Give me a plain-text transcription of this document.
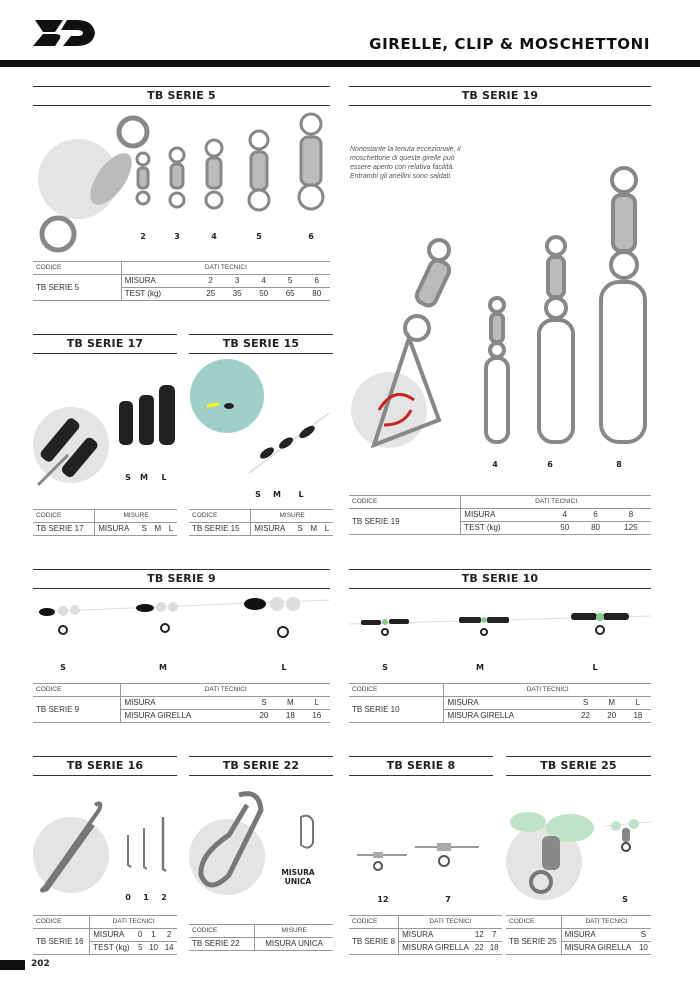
GIRELLE, CLIP & MOSCHETTONI
TB SERIE 5
2	3	4	5	6
CODICE	DATI TECNICI					
TB SERIE 5	MISURA	2	3	4	5	6
	TEST (kg)	25	35	50	65	80
TB SERIE 19
Nonostante la tenuta eccezionale, il moschettone di queste girelle può essere aperto con relativa facilità. Entrambi gli anellini sono saldati.
4	6	8
CODICE	DATI TECNICI			
TB SERIE 19	MISURA	4	6	8
	TEST (kg)	50	80	125
TB SERIE 17
S	M	L
CODICE	MISURE			
TB SERIE 17	MISURA	S	M	L
TB SERIE 15
S	M	L
CODICE	MISURE			
TB SERIE 15	MISURA	S	M	L
TB SERIE 9
S	M	L
CODICE	DATI TECNICI			
TB SERIE 9	MISURA	S	M	L
	MISURA GIRELLA	20	18	16
TB SERIE 10
S	M	L
CODICE	DATI TECNICI			
TB SERIE 10	MISURA	S	M	L
	MISURA GIRELLA	22	20	18
TB SERIE 16
0	1	2
CODICE	DATI TECNICI			
TB SERIE 16	MISURA	0	1	2
	TEST (kg)	5	10	14
TB SERIE 22
MISURA UNICA
CODICE	MISURE
TB SERIE 22	MISURA UNICA
TB SERIE 8
12	7
CODICE	DATI TECNICI		
TB SERIE 8	MISURA	12	7
	MISURA GIRELLA	22	18
TB SERIE 25
S
CODICE	DATI TECNICI	
TB SERIE 25	MISURA	S
	MISURA GIRELLA	10
202
